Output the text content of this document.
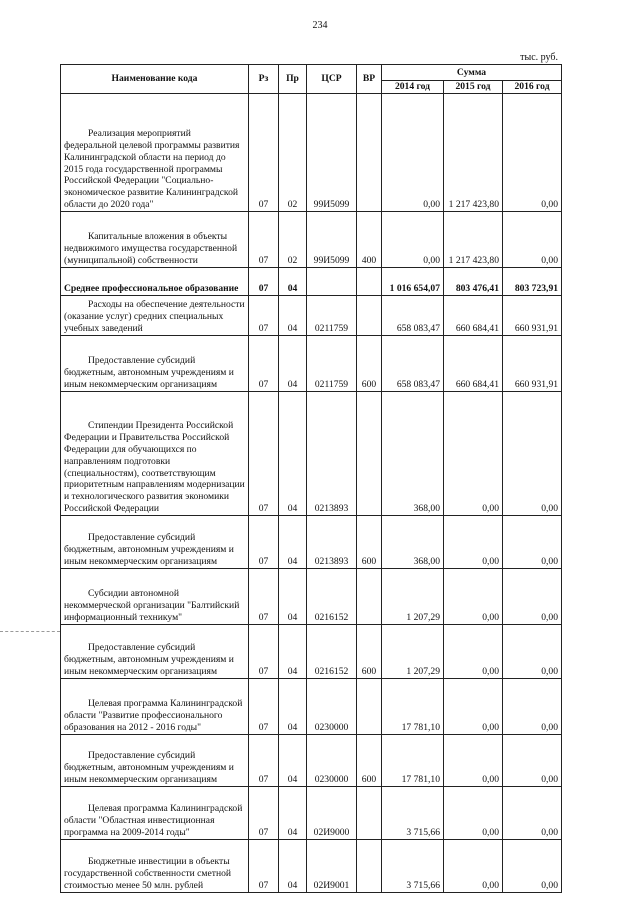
234
тыс. руб.
Наименование кода	Рз	Пр	ЦСР	ВР	Сумма		
					2014 год	2015 год	2016 год
Реализация мероприятий федеральной целевой программы развития Калининградской области на период до 2015 года государственной программы Российской Федерации "Социально-экономическое развитие Калининградской области до 2020 года"	07	02	99И5099		0,00	1 217 423,80	0,00
Капитальные вложения в объекты недвижимого имущества государственной (муниципальной) собственности	07	02	99И5099	400	0,00	1 217 423,80	0,00
Среднее профессиональное образование	07	04			1 016 654,07	803 476,41	803 723,91
Расходы на обеспечение деятельности (оказание услуг) средних специальных учебных заведений	07	04	0211759		658 083,47	660 684,41	660 931,91
Предоставление субсидий бюджетным, автономным учреждениям и иным некоммерческим организациям	07	04	0211759	600	658 083,47	660 684,41	660 931,91
Стипендии Президента Российской Федерации и Правительства Российской Федерации для обучающихся по направлениям подготовки (специальностям), соответствующим приоритетным направлениям модернизации и технологического развития экономики Российской Федерации	07	04	0213893		368,00	0,00	0,00
Предоставление субсидий бюджетным, автономным учреждениям и иным некоммерческим организациям	07	04	0213893	600	368,00	0,00	0,00
Субсидии автономной некоммерческой организации "Балтийский информационный техникум"	07	04	0216152		1 207,29	0,00	0,00
Предоставление субсидий бюджетным, автономным учреждениям и иным некоммерческим организациям	07	04	0216152	600	1 207,29	0,00	0,00
Целевая программа Калининградской области "Развитие профессионального образования на 2012 - 2016 годы"	07	04	0230000		17 781,10	0,00	0,00
Предоставление субсидий бюджетным, автономным учреждениям и иным некоммерческим организациям	07	04	0230000	600	17 781,10	0,00	0,00
Целевая программа Калининградской области "Областная инвестиционная программа на 2009-2014 годы"	07	04	02И9000		3 715,66	0,00	0,00
Бюджетные инвестиции в объекты государственной собственности сметной стоимостью менее 50 млн. рублей	07	04	02И9001		3 715,66	0,00	0,00
